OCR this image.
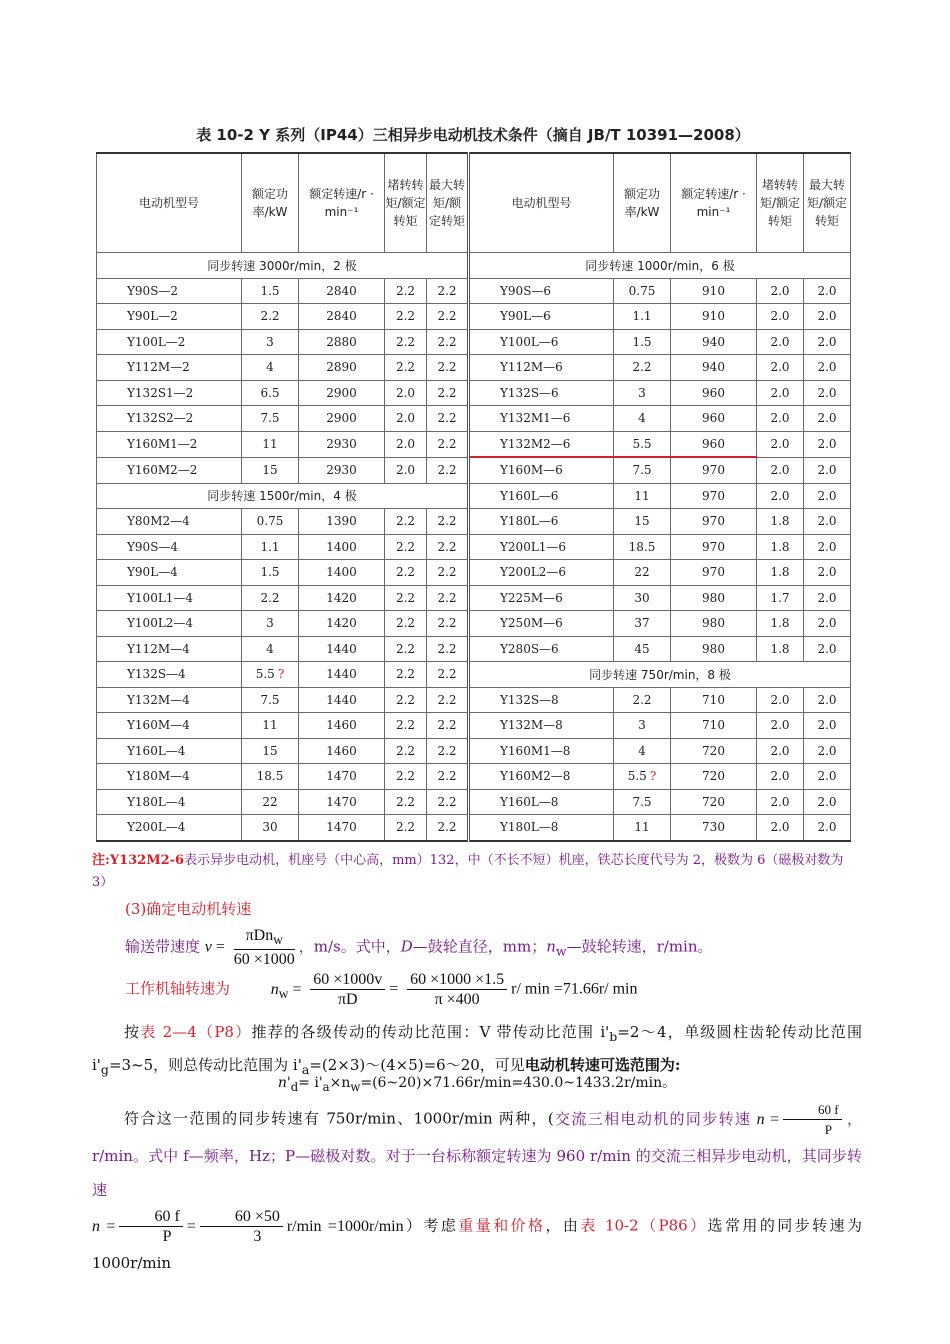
表 10-2 Y 系列（IP44）三相异步电动机技术条件（摘自 JB/T 10391—2008）
电动机型号	额定功率/kW	额定转速/r · min⁻¹	堵转转矩/额定转矩	最大转矩/额定转矩	电动机型号	额定功率/kW	额定转速/r · min⁻¹	堵转转矩/额定转矩	最大转矩/额定转矩
同步转速 3000r/min，2 极					同步转速 1000r/min，6 极				
Y90S—2	1.5	2840	2.2	2.2	Y90S—6	0.75	910	2.0	2.0
Y90L—2	2.2	2840	2.2	2.2	Y90L—6	1.1	910	2.0	2.0
Y100L—2	3	2880	2.2	2.2	Y100L—6	1.5	940	2.0	2.0
Y112M—2	4	2890	2.2	2.2	Y112M—6	2.2	940	2.0	2.0
Y132S1—2	6.5	2900	2.0	2.2	Y132S—6	3	960	2.0	2.0
Y132S2—2	7.5	2900	2.0	2.2	Y132M1—6	4	960	2.0	2.0
Y160M1—2	11	2930	2.0	2.2	Y132M2—6	5.5	960	2.0	2.0
Y160M2—2	15	2930	2.0	2.2	Y160M—6	7.5	970	2.0	2.0
同步转速 1500r/min，4 极					Y160L—6	11	970	2.0	2.0
Y80M2—4	0.75	1390	2.2	2.2	Y180L—6	15	970	1.8	2.0
Y90S—4	1.1	1400	2.2	2.2	Y200L1—6	18.5	970	1.8	2.0
Y90L—4	1.5	1400	2.2	2.2	Y200L2—6	22	970	1.8	2.0
Y100L1—4	2.2	1420	2.2	2.2	Y225M—6	30	980	1.7	2.0
Y100L2—4	3	1420	2.2	2.2	Y250M—6	37	980	1.8	2.0
Y112M—4	4	1440	2.2	2.2	Y280S—6	45	980	1.8	2.0
Y132S—4	5.5 ?	1440	2.2	2.2	同步转速 750r/min，8 极				
Y132M—4	7.5	1440	2.2	2.2	Y132S—8	2.2	710	2.0	2.0
Y160M—4	11	1460	2.2	2.2	Y132M—8	3	710	2.0	2.0
Y160L—4	15	1460	2.2	2.2	Y160M1—8	4	720	2.0	2.0
Y180M—4	18.5	1470	2.2	2.2	Y160M2—8	5.5 ?	720	2.0	2.0
Y180L—4	22	1470	2.2	2.2	Y160L—8	7.5	720	2.0	2.0
Y200L—4	30	1470	2.2	2.2	Y180L—8	11	730	2.0	2.0
注:Y132M2-6表示异步电动机，机座号（中心高，mm）132，中（不长不短）机座，铁芯长度代号为 2，极数为 6（磁极对数为 3）
(3)确定电动机转速
输送带速度 $v = \frac{\pi Dn_w}{60 \times 1000}$ ，m/s。式中，D—鼓轮直径，mm；$n_w—$鼓轮转速，r/min。
工作机轴转速为	$n_w = \frac{60 \times 1000v}{\pi D} = \frac{60 \times 1000 \times 1.5}{\pi \times 400} r/$ min =71.66r/ min
按表 2—4（P8）推荐的各级传动的传动比范围：V 带传动比范围 $i'_b=2\sim 4$，单级圆柱齿轮传动比范围 $i'_g=3\sim 5$，则总传动比范围为 $i'_a=(2\times 3)\sim(4\times 5)=6\sim 20$，可见电动机转速可选范围为:
$n'_d=$ $i'_a\times n_w=(6\sim 20)\times 71.66r/\min=430.0\sim 1433.2r/\min$。
符合这一范围的同步转速有 750r/min、1000r/min 两种，(交流三相电动机的同步转速 $n = \frac{60 f}{P}$ ，r/min。式中 f—频率，Hz；P—磁极对数。对于一台标称额定转速为 960 r/min 的交流三相异步电动机，其同步转速
$n = \frac{60 f}{P} = \frac{60 \times 50}{3} r/\min =1000r/\min$）考虑重量和价格，由表 10-2（P86）选常用的同步转速为 1000r/min
